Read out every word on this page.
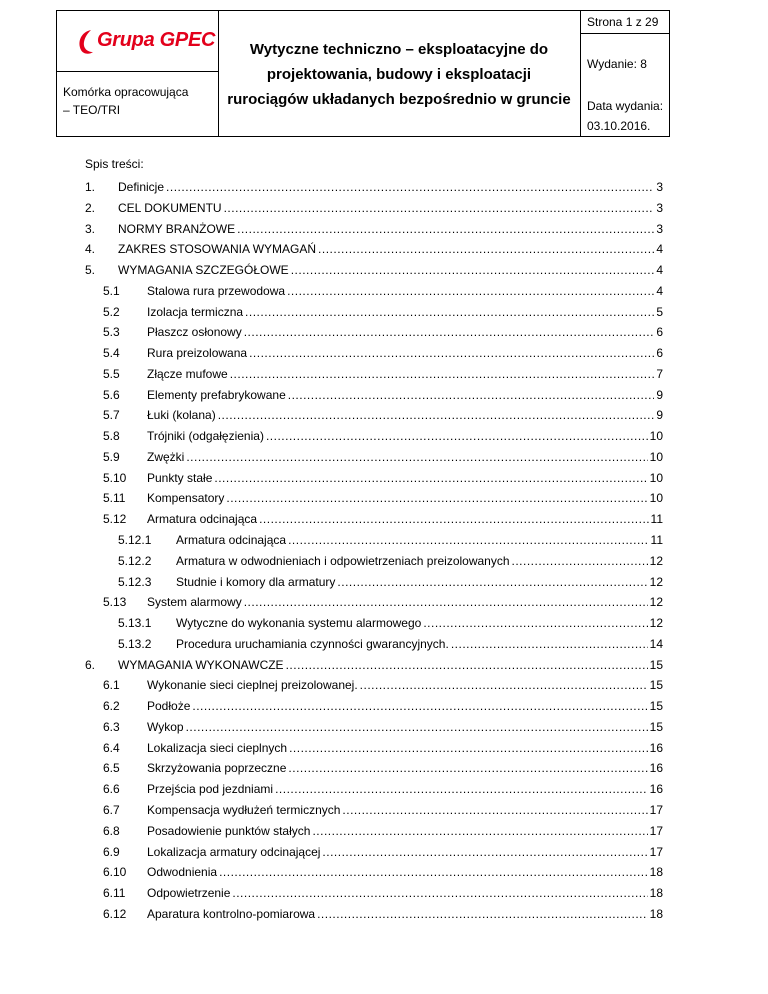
Grupa GPEC
Komórka opracowująca
– TEO/TRI
Wytyczne techniczno – eksploatacyjne do
projektowania, budowy i eksploatacji
rurociągów układanych bezpośrednio w gruncie
Strona 1 z 29
Wydanie: 8
Data wydania:
03.10.2016.
Spis treści:
1. Definicje .....	3
2. CEL DOKUMENTU .....	3
3. NORMY BRANŻOWE .....	3
4. ZAKRES STOSOWANIA WYMAGAŃ .....	4
5. WYMAGANIA SZCZEGÓŁOWE .....	4
5.1 Stalowa rura przewodowa .....	4
5.2 Izolacja termiczna .....	5
5.3 Płaszcz osłonowy .....	6
5.4 Rura preizolowana .....	6
5.5 Złącze mufowe .....	7
5.6 Elementy prefabrykowane .....	9
5.7 Łuki (kolana) .....	9
5.8 Trójniki (odgałęzienia) .....	10
5.9 Zwężki .....	10
5.10 Punkty stałe .....	10
5.11 Kompensatory .....	10
5.12 Armatura odcinająca .....	11
5.12.1 Armatura odcinająca .....	11
5.12.2 Armatura w odwodnieniach i odpowietrzeniach preizolowanych .....	12
5.12.3 Studnie i komory dla armatury .....	12
5.13 System alarmowy .....	12
5.13.1 Wytyczne do wykonania systemu alarmowego .....	12
5.13.2 Procedura uruchamiania czynności gwarancyjnych. .....	14
6. WYMAGANIA WYKONAWCZE .....	15
6.1 Wykonanie sieci cieplnej preizolowanej. .....	15
6.2 Podłoże .....	15
6.3 Wykop .....	15
6.4 Lokalizacja sieci cieplnych .....	16
6.5 Skrzyżowania poprzeczne .....	16
6.6 Przejścia pod jezdniami .....	16
6.7 Kompensacja wydłużeń termicznych .....	17
6.8 Posadowienie punktów stałych .....	17
6.9 Lokalizacja armatury odcinającej .....	17
6.10 Odwodnienia .....	18
6.11 Odpowietrzenie .....	18
6.12 Aparatura kontrolno-pomiarowa .....	18
